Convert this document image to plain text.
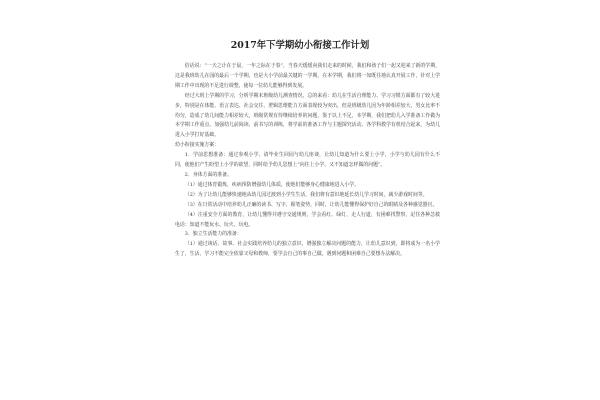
2017年下学期幼小衔接工作计划

俗话说：“一天之计在于晨，一年之际在于春”，当春天缓缓向我们走来的时候，我们和孩子们一起又迎来了新的学期，这是我班幼儿在园的最后一个学期，也是大小学前最关键的一学期。在本学期，我们将一如既往地认真开展工作，针对上学期工作中出现的不足进行调整，使每一位幼儿能够得到发展。

经过大班上学期的学习，分析学期末班级幼儿测查情况，总的来看：幼儿在生活自理能力、学习习惯方面都有了较大进步，特别是在体能、语言表达、社会交往、逻辑思维能力方面表现较为突出，但是班级幼儿因为年龄相差较大，男女比率不均匀，造成了幼儿间能力相差较大，班级常规有待继续培养的问题，鉴于以上不足，本学期，我们把幼儿入学准备工作做为本学期工作重点，加强幼儿前阅读、前书写的训练，将学前的准备工作与主题探究活动、各学科教学有机结合起来，为幼儿进入小学打好基础。

幼小衔接实施方案：

1．学前思想准备：通过参观小学、请毕业生回园与幼儿座谈，让幼儿知道为什么要上小学，小学与幼儿园有什么不同，使他们产生盼望上小学的欲望，同时给予幼儿思想上“向往上小学、又不知道怎样做的问题”。

2．身体方面的准备。

（1）通过体育锻炼，疾病预防增强幼儿体质，使他们能够身心健康地进入小学。

（2）为了让幼儿能够快速地从幼儿园过渡到小学生生活，我们将有意识地延长幼儿学习时间，减少游戏时间等。

（3）在日常活动中培养幼儿正确的读书、写字、握笔姿势，同时，让幼儿能懂得保护好自己的眼睛及各种感觉器官。

（4）注重安全方面的教育，让幼儿懂得并遵守交通规则，学会看红、绿灯，走人行道，有困难找警察，記住各种急救电话：知道不能玩水、玩火、玩电。

3．独立生活能力的准备：

（1）通过谈话、故事、社会实践培养幼儿的独立意识，增强独立解决问题的能力，让幼儿意识到，即将成为一名小学生了，生活、学习不能完全依靠父母和教师，要学会自己的事自己做，遇到问题和困难自己要想办法解决。
